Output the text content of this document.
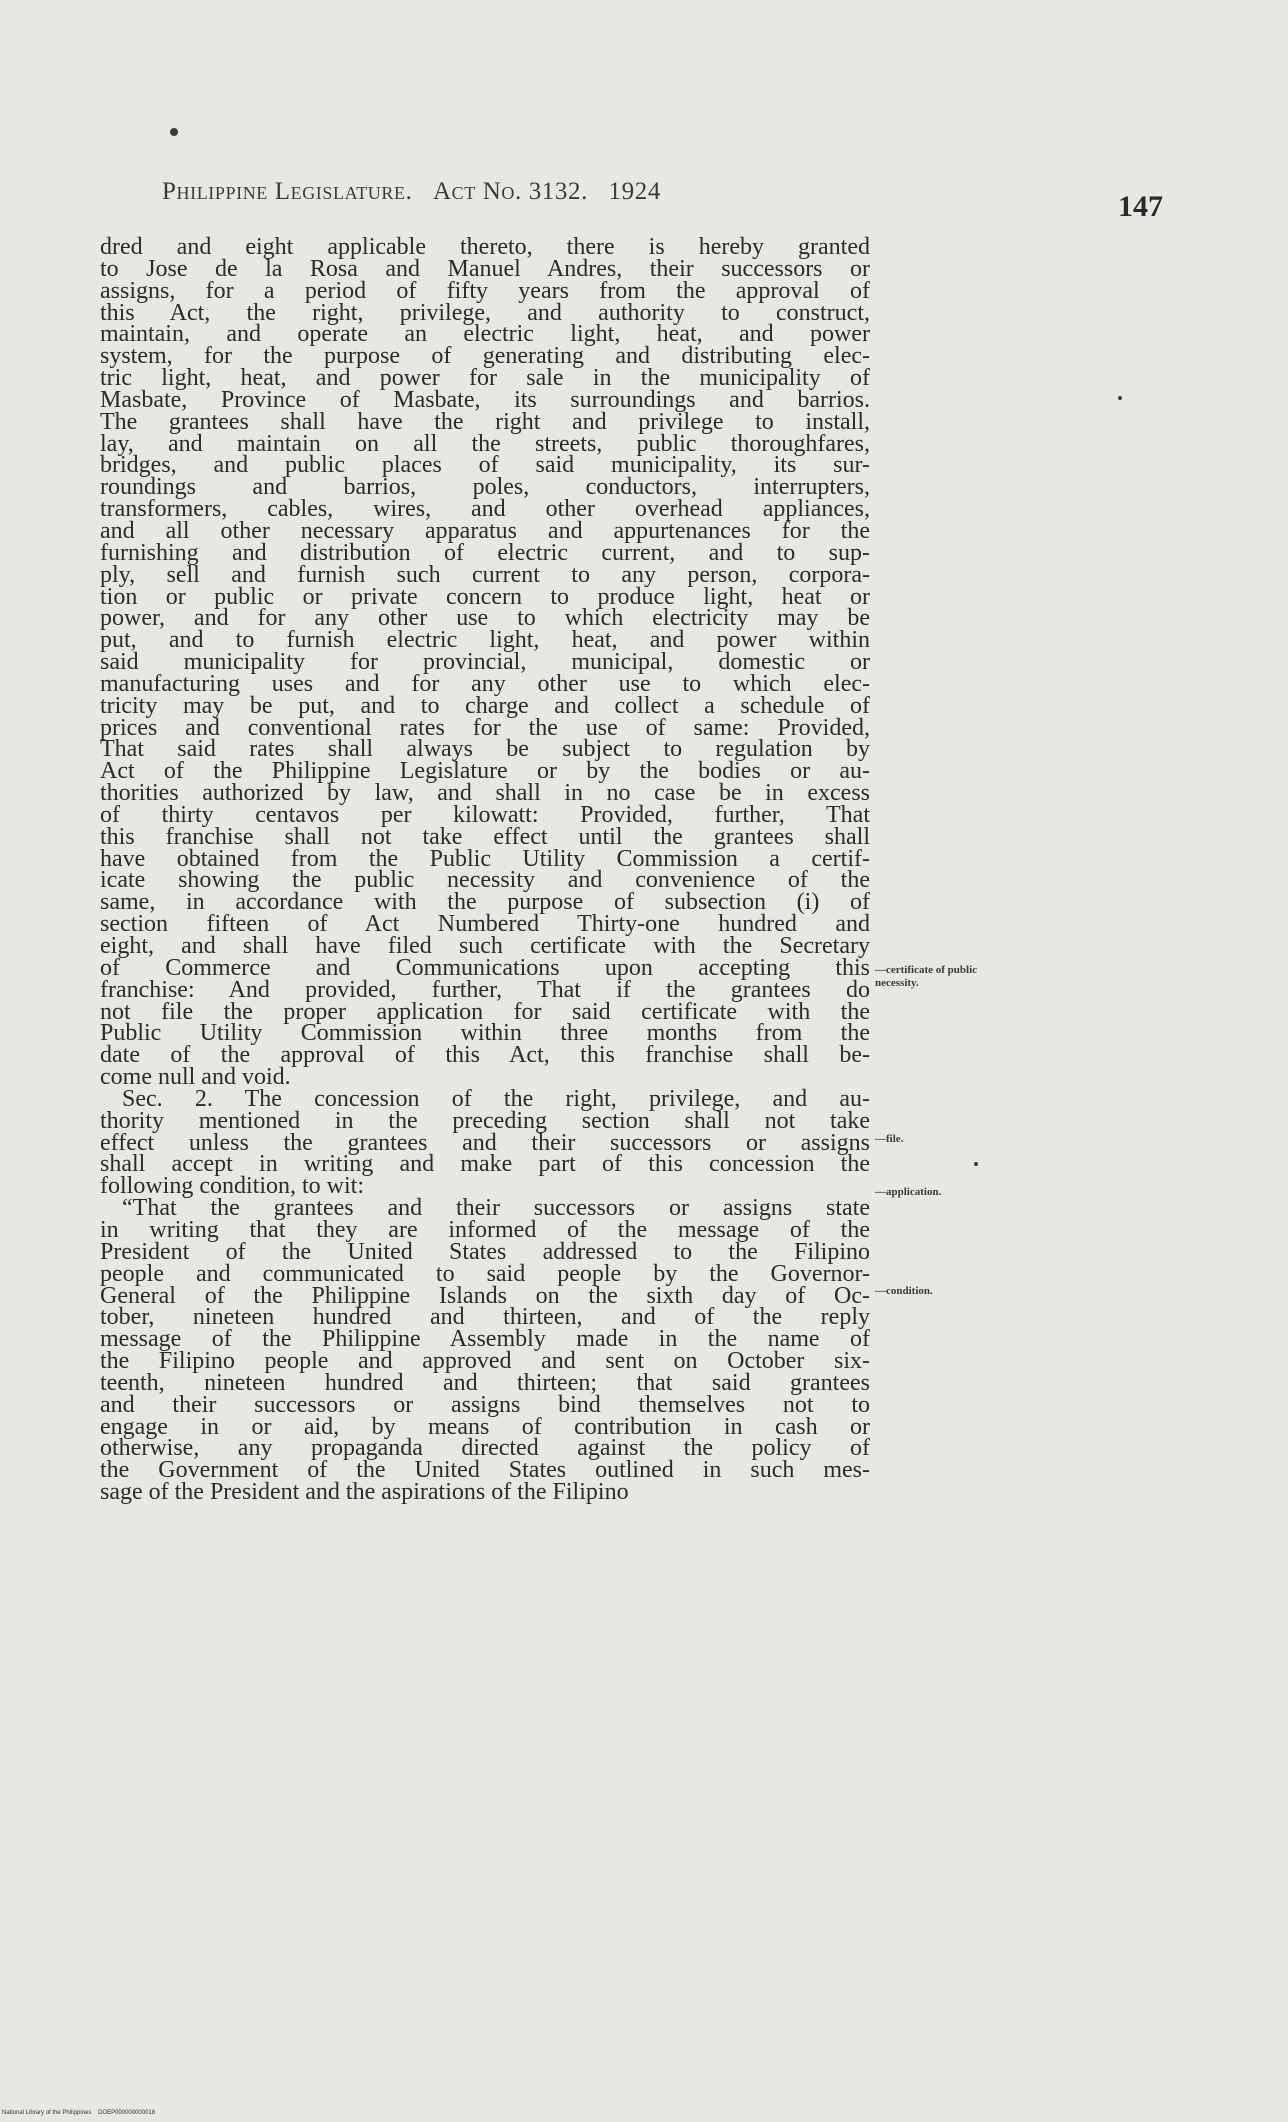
Philippine Legislature. Act No. 3132. 1924	147
dred and eight applicable thereto, there is hereby granted
to Jose de la Rosa and Manuel Andres, their successors or
assigns, for a period of fifty years from the approval of
this Act, the right, privilege, and authority to construct,
maintain, and operate an electric light, heat, and power
system, for the purpose of generating and distributing elec-
tric light, heat, and power for sale in the municipality of
Masbate, Province of Masbate, its surroundings and barrios.
The grantees shall have the right and privilege to install,
lay, and maintain on all the streets, public thoroughfares,
bridges, and public places of said municipality, its sur-
roundings and barrios, poles, conductors, interrupters,
transformers, cables, wires, and other overhead appliances,
and all other necessary apparatus and appurtenances for the
furnishing and distribution of electric current, and to sup-
ply, sell and furnish such current to any person, corpora-
tion or public or private concern to produce light, heat or
power, and for any other use to which electricity may be
put, and to furnish electric light, heat, and power within
said municipality for provincial, municipal, domestic or
manufacturing uses and for any other use to which elec-
tricity may be put, and to charge and collect a schedule of
prices and conventional rates for the use of same: Provided,
That said rates shall always be subject to regulation by
Act of the Philippine Legislature or by the bodies or au-
thorities authorized by law, and shall in no case be in excess
of thirty centavos per kilowatt: Provided, further, That
this franchise shall not take effect until the grantees shall
have obtained from the Public Utility Commission a certif-
icate showing the public necessity and convenience of the
same, in accordance with the purpose of subsection (i) of
section fifteen of Act Numbered Thirty-one hundred and
eight, and shall have filed such certificate with the Secretary
of Commerce and Communications upon accepting this
franchise: And provided, further, That if the grantees do
not file the proper application for said certificate with the
Public Utility Commission within three months from the
date of the approval of this Act, this franchise shall be-
come null and void.
Sec. 2. The concession of the right, privilege, and au-
thority mentioned in the preceding section shall not take
effect unless the grantees and their successors or assigns
shall accept in writing and make part of this concession the
following condition, to wit:
“That the grantees and their successors or assigns state
in writing that they are informed of the message of the
President of the United States addressed to the Filipino
people and communicated to said people by the Governor-
General of the Philippine Islands on the sixth day of Oc-
tober, nineteen hundred and thirteen, and of the reply
message of the Philippine Assembly made in the name of
the Filipino people and approved and sent on October six-
teenth, nineteen hundred and thirteen; that said grantees
and their successors or assigns bind themselves not to
engage in or aid, by means of contribution in cash or
otherwise, any propaganda directed against the policy of
the Government of the United States outlined in such mes-
sage of the President and the aspirations of the Filipino
—certificate of public
necessity.
—file.
—application.
—condition.
National Library of the Philippines DOEP000000000018
